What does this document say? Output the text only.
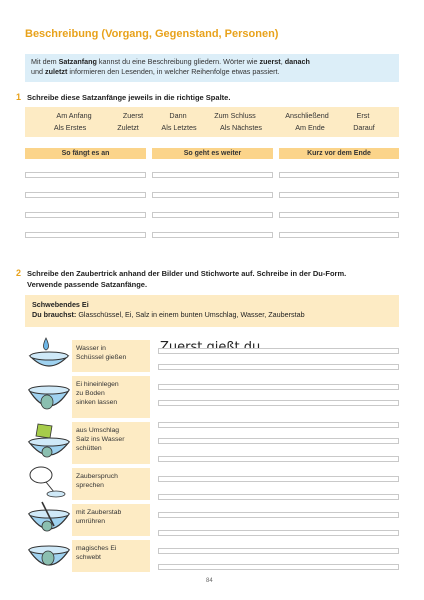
Beschreibung (Vorgang, Gegenstand, Personen)
Mit dem Satzanfang kannst du eine Beschreibung gliedern. Wörter wie zuerst, danach
und zuletzt informieren den Lesenden, in welcher Reihenfolge etwas passiert.
1 Schreibe diese Satzanfänge jeweils in die richtige Spalte.
Am Anfang	Zuerst	Dann	Zum Schluss	Anschließend	Erst
Als Erstes	Zuletzt	Als Letztes	Als Nächstes	Am Ende	Darauf
So fängt es an	So geht es weiter	Kurz vor dem Ende
2 Schreibe den Zaubertrick anhand der Bilder und Stichworte auf. Schreibe in der Du-Form.
Verwende passende Satzanfänge.
Schwebendes Ei
Du brauchst: Glasschüssel, Ei, Salz in einem bunten Umschlag, Wasser, Zauberstab
Wasser in
Schüssel gießen
Ei hineinlegen
zu Boden
sinken lassen
aus Umschlag
Salz ins Wasser
schütten
Zauberspruch
sprechen
mit Zauberstab
umrühren
magisches Ei
schwebt
84
